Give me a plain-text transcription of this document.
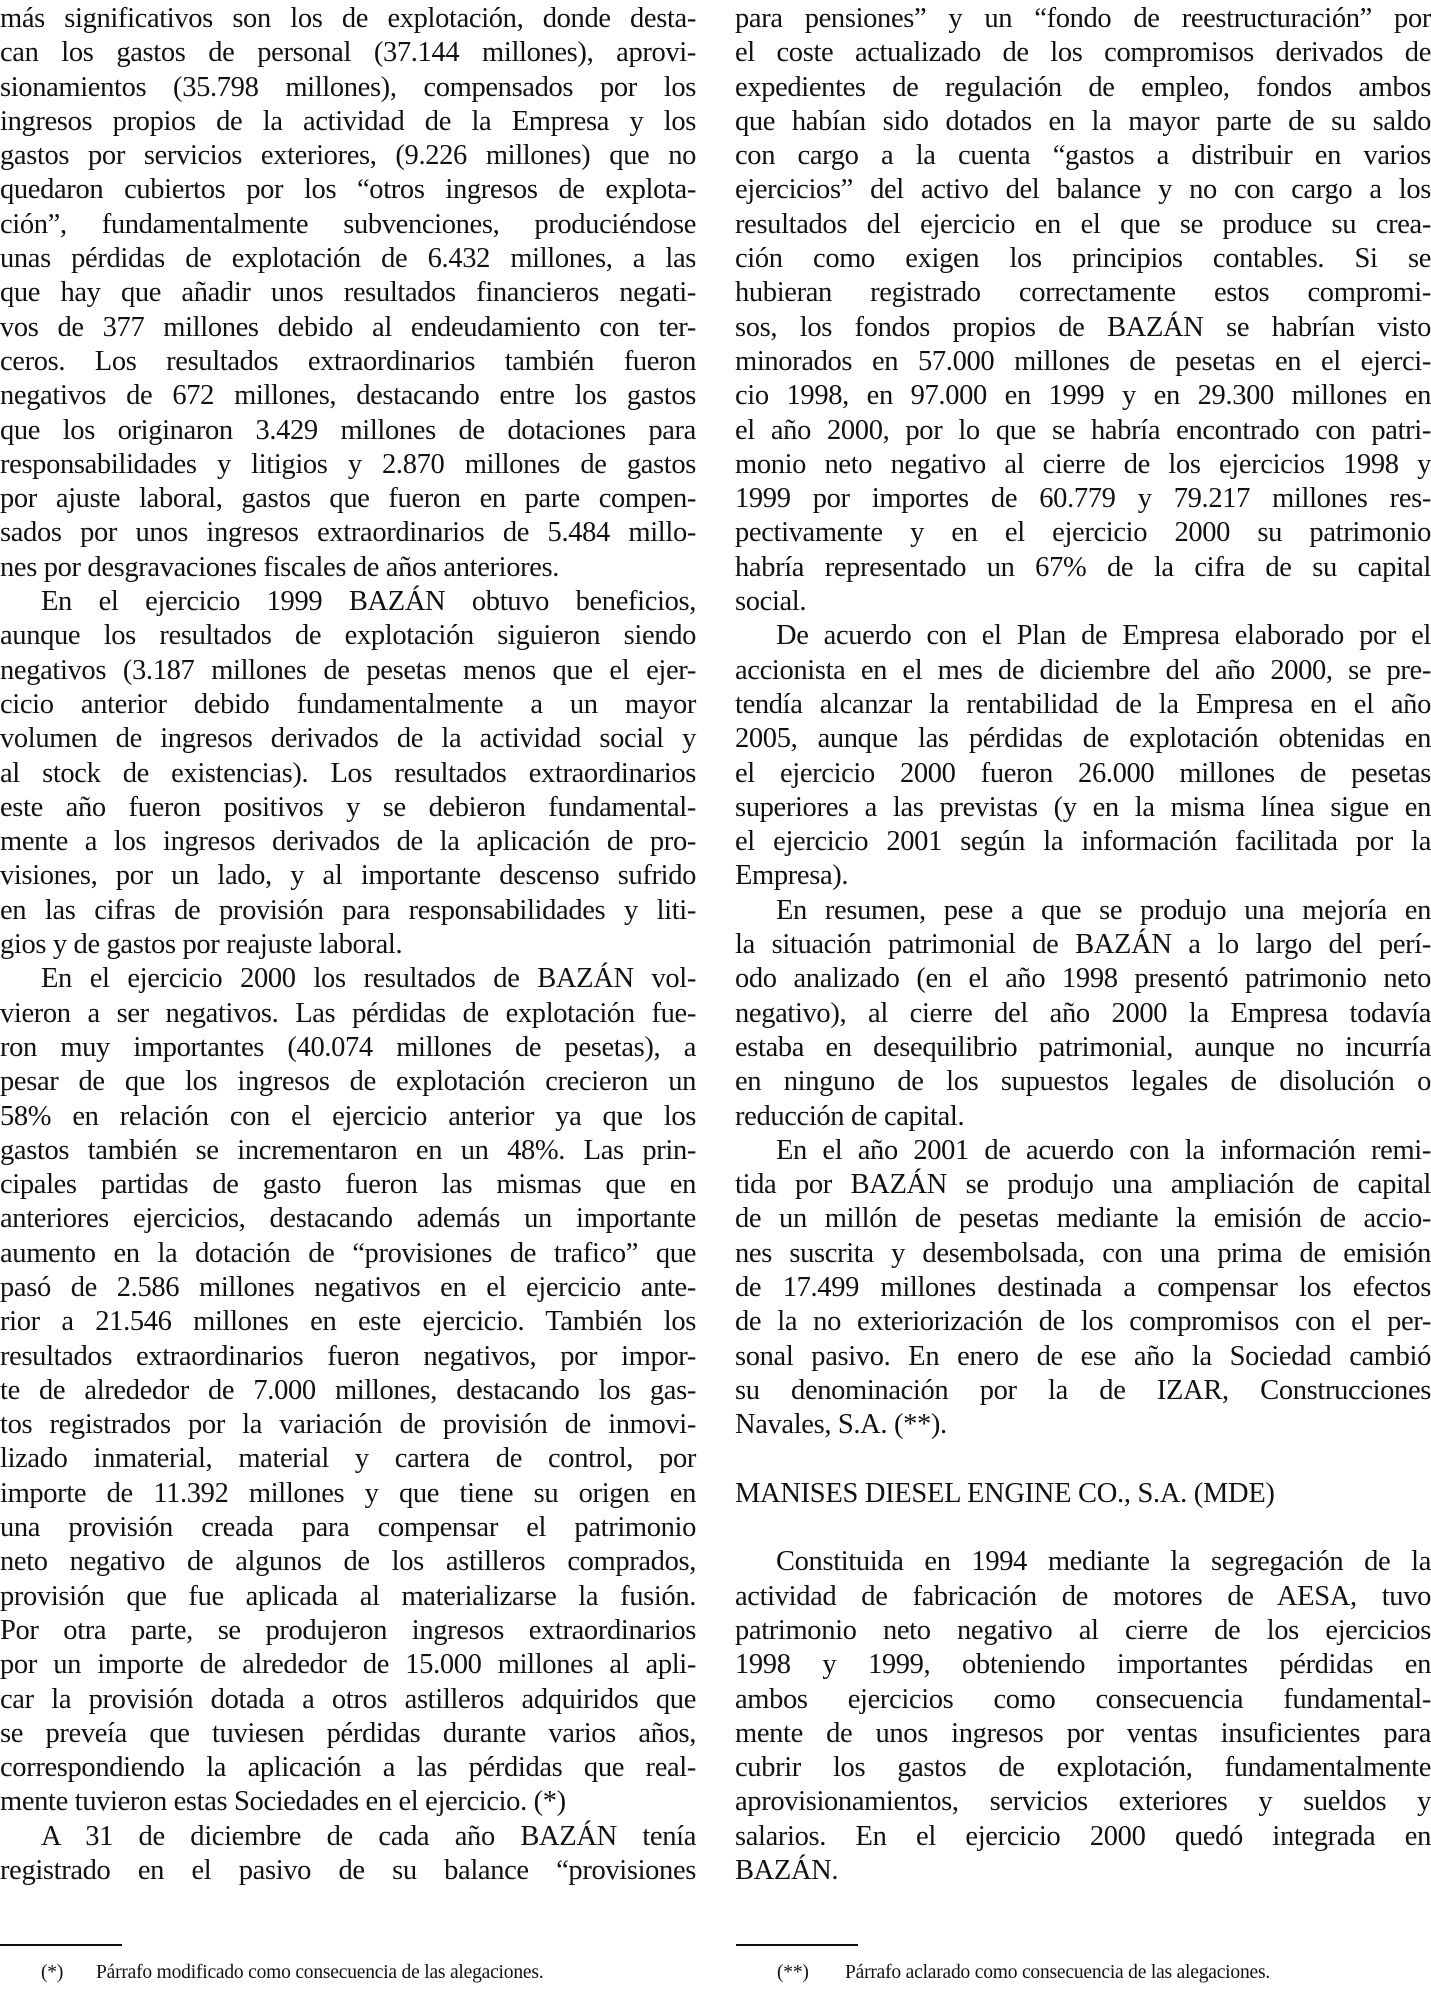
más significativos son los de explotación, donde desta-
can los gastos de personal (37.144 millones), aprovi-
sionamientos (35.798 millones), compensados por los
ingresos propios de la actividad de la Empresa y los
gastos por servicios exteriores, (9.226 millones) que no
quedaron cubiertos por los “otros ingresos de explota-
ción”, fundamentalmente subvenciones, produciéndose
unas pérdidas de explotación de 6.432 millones, a las
que hay que añadir unos resultados financieros negati-
vos de 377 millones debido al endeudamiento con ter-
ceros. Los resultados extraordinarios también fueron
negativos de 672 millones, destacando entre los gastos
que los originaron 3.429 millones de dotaciones para
responsabilidades y litigios y 2.870 millones de gastos
por ajuste laboral, gastos que fueron en parte compen-
sados por unos ingresos extraordinarios de 5.484 millo-
nes por desgravaciones fiscales de años anteriores.
En el ejercicio 1999 BAZÁN obtuvo beneficios,
aunque los resultados de explotación siguieron siendo
negativos (3.187 millones de pesetas menos que el ejer-
cicio anterior debido fundamentalmente a un mayor
volumen de ingresos derivados de la actividad social y
al stock de existencias). Los resultados extraordinarios
este año fueron positivos y se debieron fundamental-
mente a los ingresos derivados de la aplicación de pro-
visiones, por un lado, y al importante descenso sufrido
en las cifras de provisión para responsabilidades y liti-
gios y de gastos por reajuste laboral.
En el ejercicio 2000 los resultados de BAZÁN vol-
vieron a ser negativos. Las pérdidas de explotación fue-
ron muy importantes (40.074 millones de pesetas), a
pesar de que los ingresos de explotación crecieron un
58% en relación con el ejercicio anterior ya que los
gastos también se incrementaron en un 48%. Las prin-
cipales partidas de gasto fueron las mismas que en
anteriores ejercicios, destacando además un importante
aumento en la dotación de “provisiones de trafico” que
pasó de 2.586 millones negativos en el ejercicio ante-
rior a 21.546 millones en este ejercicio. También los
resultados extraordinarios fueron negativos, por impor-
te de alrededor de 7.000 millones, destacando los gas-
tos registrados por la variación de provisión de inmovi-
lizado inmaterial, material y cartera de control, por
importe de 11.392 millones y que tiene su origen en
una provisión creada para compensar el patrimonio
neto negativo de algunos de los astilleros comprados,
provisión que fue aplicada al materializarse la fusión.
Por otra parte, se produjeron ingresos extraordinarios
por un importe de alrededor de 15.000 millones al apli-
car la provisión dotada a otros astilleros adquiridos que
se preveía que tuviesen pérdidas durante varios años,
correspondiendo la aplicación a las pérdidas que real-
mente tuvieron estas Sociedades en el ejercicio. (*)
A 31 de diciembre de cada año BAZÁN tenía
registrado en el pasivo de su balance “provisiones
para pensiones” y un “fondo de reestructuración” por
el coste actualizado de los compromisos derivados de
expedientes de regulación de empleo, fondos ambos
que habían sido dotados en la mayor parte de su saldo
con cargo a la cuenta “gastos a distribuir en varios
ejercicios” del activo del balance y no con cargo a los
resultados del ejercicio en el que se produce su crea-
ción como exigen los principios contables. Si se
hubieran registrado correctamente estos compromi-
sos, los fondos propios de BAZÁN se habrían visto
minorados en 57.000 millones de pesetas en el ejerci-
cio 1998, en 97.000 en 1999 y en 29.300 millones en
el año 2000, por lo que se habría encontrado con patri-
monio neto negativo al cierre de los ejercicios 1998 y
1999 por importes de 60.779 y 79.217 millones res-
pectivamente y en el ejercicio 2000 su patrimonio
habría representado un 67% de la cifra de su capital
social.
De acuerdo con el Plan de Empresa elaborado por el
accionista en el mes de diciembre del año 2000, se pre-
tendía alcanzar la rentabilidad de la Empresa en el año
2005, aunque las pérdidas de explotación obtenidas en
el ejercicio 2000 fueron 26.000 millones de pesetas
superiores a las previstas (y en la misma línea sigue en
el ejercicio 2001 según la información facilitada por la
Empresa).
En resumen, pese a que se produjo una mejoría en
la situación patrimonial de BAZÁN a lo largo del perí-
odo analizado (en el año 1998 presentó patrimonio neto
negativo), al cierre del año 2000 la Empresa todavía
estaba en desequilibrio patrimonial, aunque no incurría
en ninguno de los supuestos legales de disolución o
reducción de capital.
En el año 2001 de acuerdo con la información remi-
tida por BAZÁN se produjo una ampliación de capital
de un millón de pesetas mediante la emisión de accio-
nes suscrita y desembolsada, con una prima de emisión
de 17.499 millones destinada a compensar los efectos
de la no exteriorización de los compromisos con el per-
sonal pasivo. En enero de ese año la Sociedad cambió
su denominación por la de IZAR, Construcciones
Navales, S.A. (**).
MANISES DIESEL ENGINE CO., S.A. (MDE)
Constituida en 1994 mediante la segregación de la
actividad de fabricación de motores de AESA, tuvo
patrimonio neto negativo al cierre de los ejercicios
1998 y 1999, obteniendo importantes pérdidas en
ambos ejercicios como consecuencia fundamental-
mente de unos ingresos por ventas insuficientes para
cubrir los gastos de explotación, fundamentalmente
aprovisionamientos, servicios exteriores y sueldos y
salarios. En el ejercicio 2000 quedó integrada en
BAZÁN.
(*) Párrafo modificado como consecuencia de las alegaciones.	(**) Párrafo aclarado como consecuencia de las alegaciones.
